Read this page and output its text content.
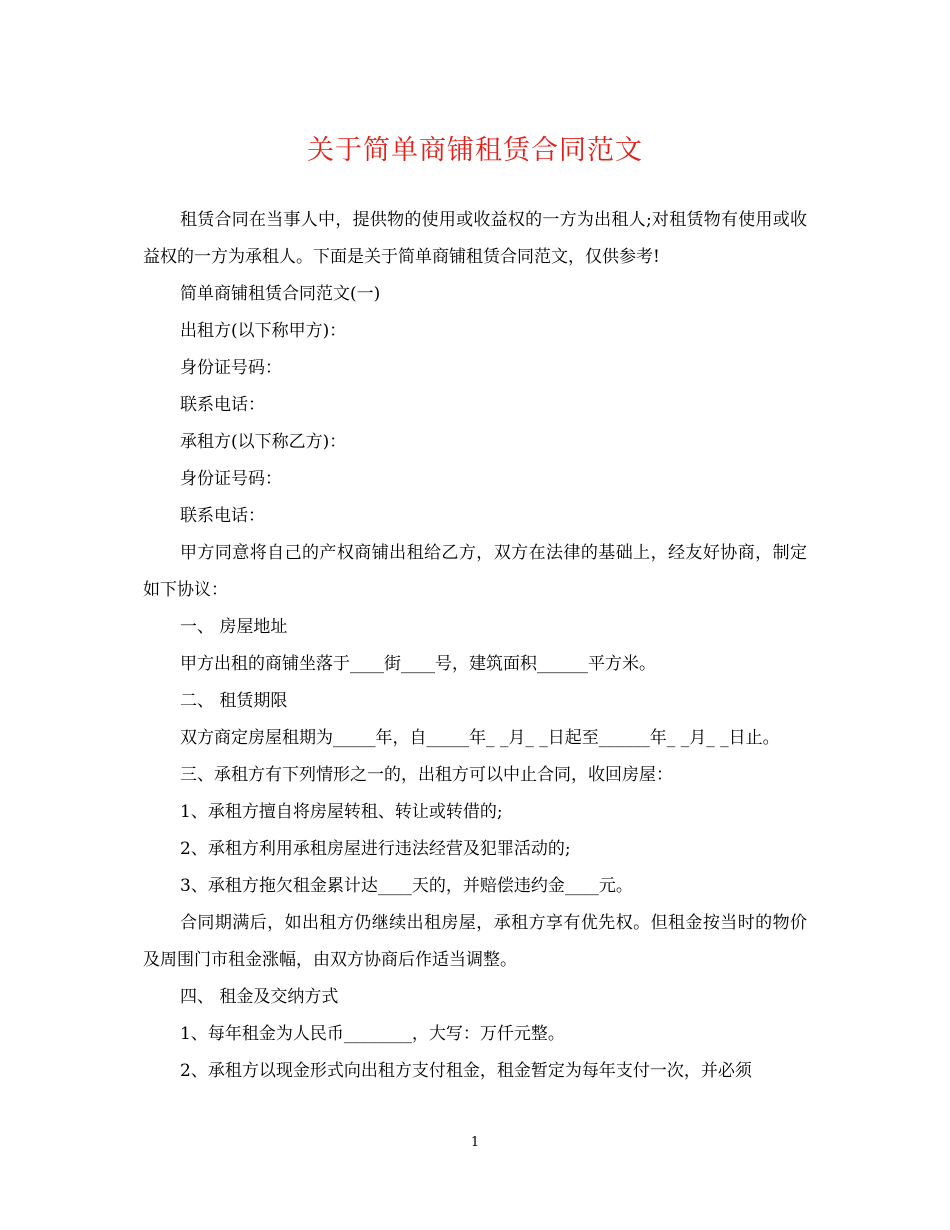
关于简单商铺租赁合同范文

租赁合同在当事人中，提供物的使用或收益权的一方为出租人;对租赁物有使用或收益权的一方为承租人。下面是关于简单商铺租赁合同范文，仅供参考!

简单商铺租赁合同范文(一)

出租方(以下称甲方)：

身份证号码：

联系电话：

承租方(以下称乙方)：

身份证号码：

联系电话：

甲方同意将自己的产权商铺出租给乙方，双方在法律的基础上，经友好协商，制定如下协议：

一、 房屋地址

甲方出租的商铺坐落于____街____号，建筑面积______平方米。

二、 租赁期限

双方商定房屋租期为_____年，自_____年_ _月_ _日起至______年_ _月_ _日止。

三、承租方有下列情形之一的，出租方可以中止合同，收回房屋：

1、承租方擅自将房屋转租、转让或转借的;

2、承租方利用承租房屋进行违法经营及犯罪活动的;

3、承租方拖欠租金累计达____天的，并赔偿违约金____元。

合同期满后，如出租方仍继续出租房屋，承租方享有优先权。但租金按当时的物价及周围门市租金涨幅，由双方协商后作适当调整。

四、 租金及交纳方式

1、每年租金为人民币________，大写：万仟元整。

2、承租方以现金形式向出租方支付租金，租金暂定为每年支付一次，并必须

1
